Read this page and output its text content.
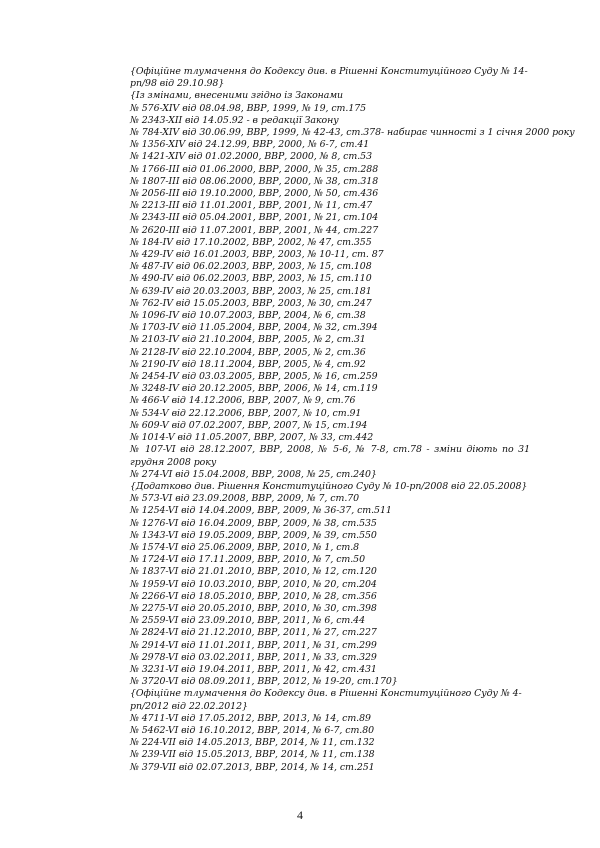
{Офіційне тлумачення до Кодексу див. в Рішенні Конституційного Суду № 14-рп/98 від 29.10.98}
{Із змінами, внесеними згідно із Законами
№ 576-XIV від 08.04.98, ВВР, 1999, № 19, ст.175
№ 2343-XII від 14.05.92 - в редакції Закону
№ 784-XIV від 30.06.99, ВВР, 1999, № 42-43, ст.378- набирає чинності з 1 січня 2000 року
№ 1356-XIV від 24.12.99, ВВР, 2000, № 6-7, ст.41
№ 1421-XIV від 01.02.2000, ВВР, 2000, № 8, ст.53
№ 1766-III від 01.06.2000, ВВР, 2000, № 35, ст.288
№ 1807-III від 08.06.2000, ВВР, 2000, № 38, ст.318
№ 2056-III від 19.10.2000, ВВР, 2000, № 50, ст.436
№ 2213-III від 11.01.2001, ВВР, 2001, № 11, ст.47
№ 2343-III від 05.04.2001, ВВР, 2001, № 21, ст.104
№ 2620-III від 11.07.2001, ВВР, 2001, № 44, ст.227
№ 184-IV від 17.10.2002, ВВР, 2002, № 47, ст.355
№ 429-IV від 16.01.2003, ВВР, 2003, № 10-11, ст. 87
№ 487-IV від 06.02.2003, ВВР, 2003, № 15, ст.108
№ 490-IV від 06.02.2003, ВВР, 2003, № 15, ст.110
№ 639-IV від 20.03.2003, ВВР, 2003, № 25, ст.181
№ 762-IV від 15.05.2003, ВВР, 2003, № 30, ст.247
№ 1096-IV від 10.07.2003, ВВР, 2004, № 6, ст.38
№ 1703-IV від 11.05.2004, ВВР, 2004, № 32, ст.394
№ 2103-IV від 21.10.2004, ВВР, 2005, № 2, ст.31
№ 2128-IV від 22.10.2004, ВВР, 2005, № 2, ст.36
№ 2190-IV від 18.11.2004, ВВР, 2005, № 4, ст.92
№ 2454-IV від 03.03.2005, ВВР, 2005, № 16, ст.259
№ 3248-IV від 20.12.2005, ВВР, 2006, № 14, ст.119
№ 466-V від 14.12.2006, ВВР, 2007, № 9, ст.76
№ 534-V від 22.12.2006, ВВР, 2007, № 10, ст.91
№ 609-V від 07.02.2007, ВВР, 2007, № 15, ст.194
№ 1014-V від 11.05.2007, ВВР, 2007, № 33, ст.442
№ 107-VI від 28.12.2007, ВВР, 2008, № 5-6, № 7-8, ст.78 - зміни діють по 31 грудня 2008 року
№ 274-VI від 15.04.2008, ВВР, 2008, № 25, ст.240}
{Додатково див. Рішення Конституційного Суду № 10-рп/2008 від 22.05.2008}
№ 573-VI від 23.09.2008, ВВР, 2009, № 7, ст.70
№ 1254-VI від 14.04.2009, ВВР, 2009, № 36-37, ст.511
№ 1276-VI від 16.04.2009, ВВР, 2009, № 38, ст.535
№ 1343-VI від 19.05.2009, ВВР, 2009, № 39, ст.550
№ 1574-VI від 25.06.2009, ВВР, 2010, № 1, ст.8
№ 1724-VI від 17.11.2009, ВВР, 2010, № 7, ст.50
№ 1837-VI від 21.01.2010, ВВР, 2010, № 12, ст.120
№ 1959-VI від 10.03.2010, ВВР, 2010, № 20, ст.204
№ 2266-VI від 18.05.2010, ВВР, 2010, № 28, ст.356
№ 2275-VI від 20.05.2010, ВВР, 2010, № 30, ст.398
№ 2559-VI від 23.09.2010, ВВР, 2011, № 6, ст.44
№ 2824-VI від 21.12.2010, ВВР, 2011, № 27, ст.227
№ 2914-VI від 11.01.2011, ВВР, 2011, № 31, ст.299
№ 2978-VI від 03.02.2011, ВВР, 2011, № 33, ст.329
№ 3231-VI від 19.04.2011, ВВР, 2011, № 42, ст.431
№ 3720-VI від 08.09.2011, ВВР, 2012, № 19-20, ст.170}
{Офіційне тлумачення до Кодексу див. в Рішенні Конституційного Суду № 4-рп/2012 від 22.02.2012}
№ 4711-VI від 17.05.2012, ВВР, 2013, № 14, ст.89
№ 5462-VI від 16.10.2012, ВВР, 2014, № 6-7, ст.80
№ 224-VII від 14.05.2013, ВВР, 2014, № 11, ст.132
№ 239-VII від 15.05.2013, ВВР, 2014, № 11, ст.138
№ 379-VII від 02.07.2013, ВВР, 2014, № 14, ст.251
4
